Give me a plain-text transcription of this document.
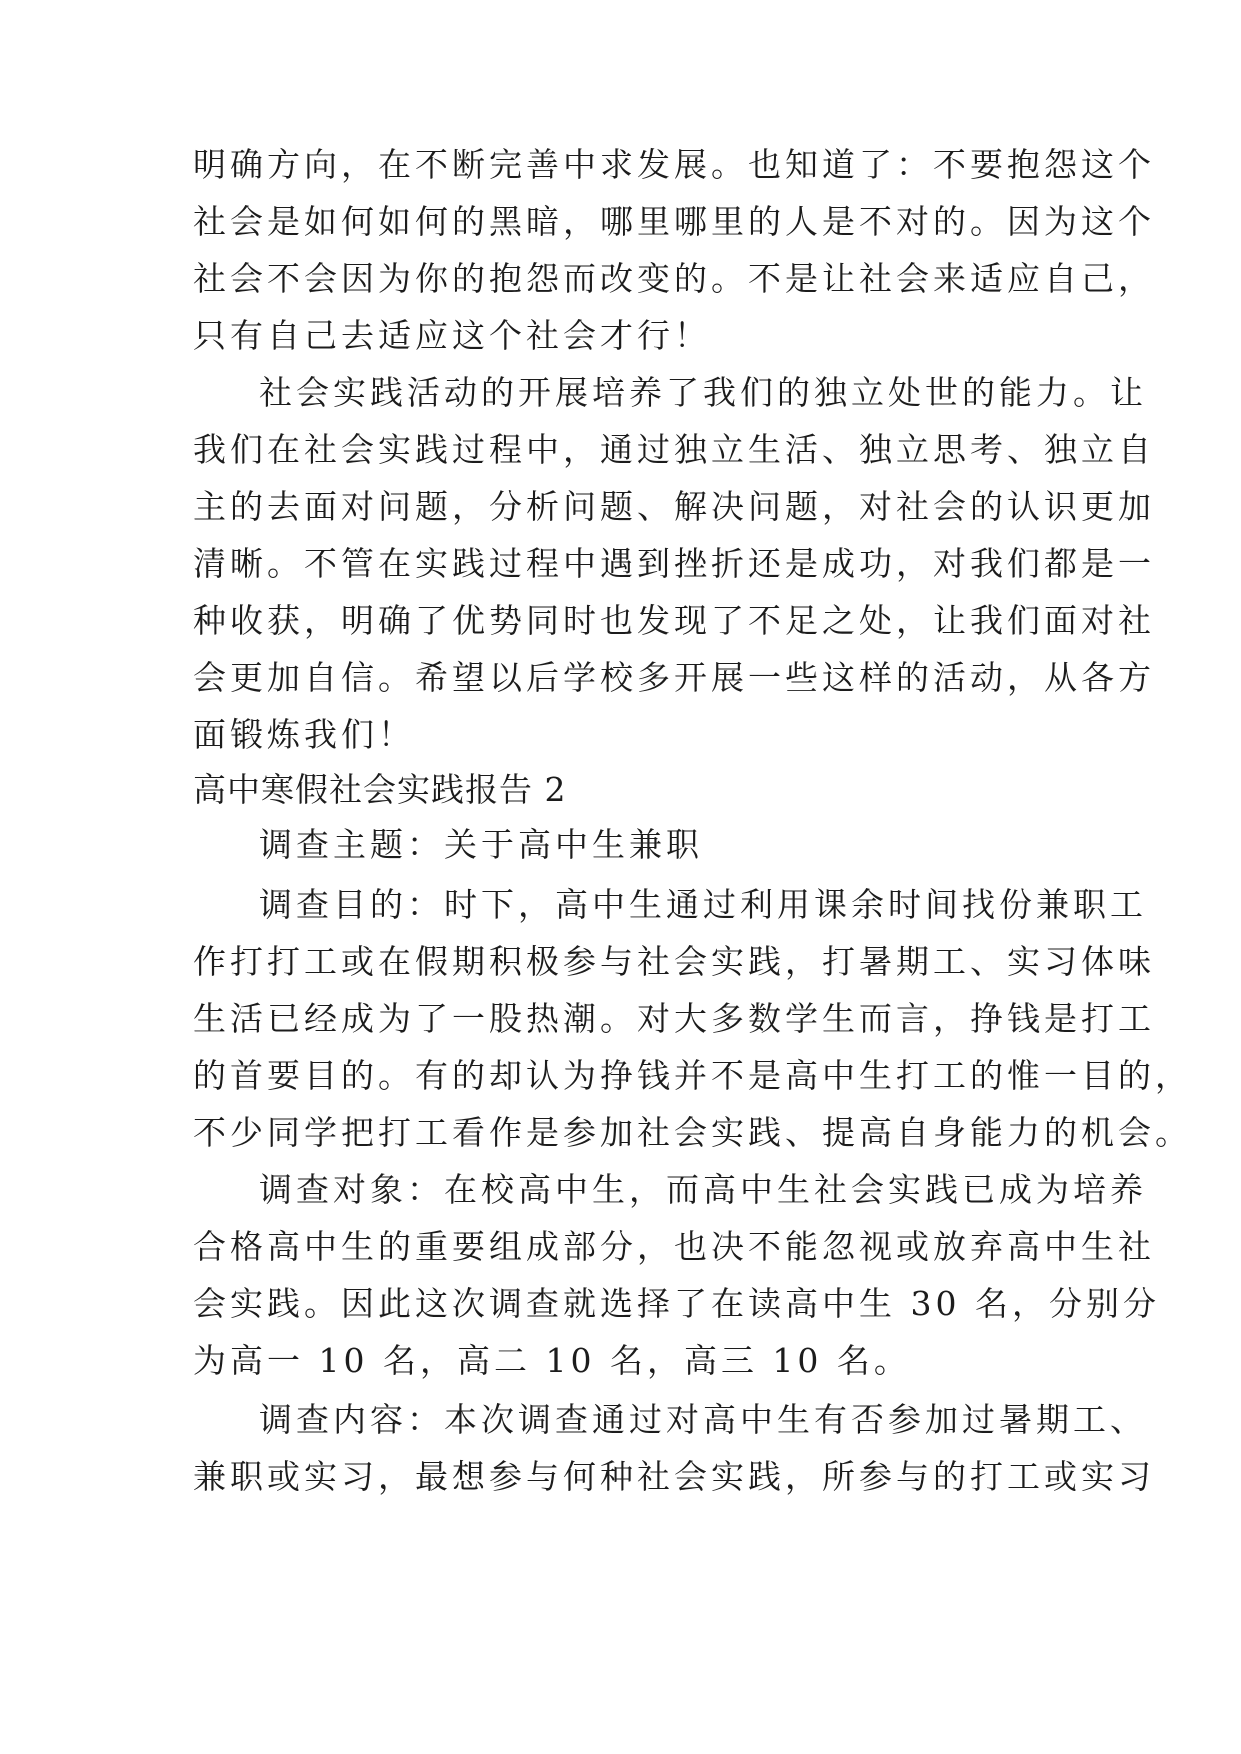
明确方向，在不断完善中求发展。也知道了：不要抱怨这个

社会是如何如何的黑暗，哪里哪里的人是不对的。因为这个

社会不会因为你的抱怨而改变的。不是让社会来适应自己，

只有自己去适应这个社会才行！

社会实践活动的开展培养了我们的独立处世的能力。让

我们在社会实践过程中，通过独立生活、独立思考、独立自

主的去面对问题，分析问题、解决问题，对社会的认识更加

清晰。不管在实践过程中遇到挫折还是成功，对我们都是一

种收获，明确了优势同时也发现了不足之处，让我们面对社

会更加自信。希望以后学校多开展一些这样的活动，从各方

面锻炼我们！

高中寒假社会实践报告 2

调查主题：关于高中生兼职

调查目的：时下，高中生通过利用课余时间找份兼职工

作打打工或在假期积极参与社会实践，打暑期工、实习体味

生活已经成为了一股热潮。对大多数学生而言，挣钱是打工

的首要目的。有的却认为挣钱并不是高中生打工的惟一目的，

不少同学把打工看作是参加社会实践、提高自身能力的机会。

调查对象：在校高中生，而高中生社会实践已成为培养

合格高中生的重要组成部分，也决不能忽视或放弃高中生社

会实践。因此这次调查就选择了在读高中生 30 名，分别分

为高一 10 名，高二 10 名，高三 10 名。

调查内容：本次调查通过对高中生有否参加过暑期工、

兼职或实习，最想参与何种社会实践，所参与的打工或实习
